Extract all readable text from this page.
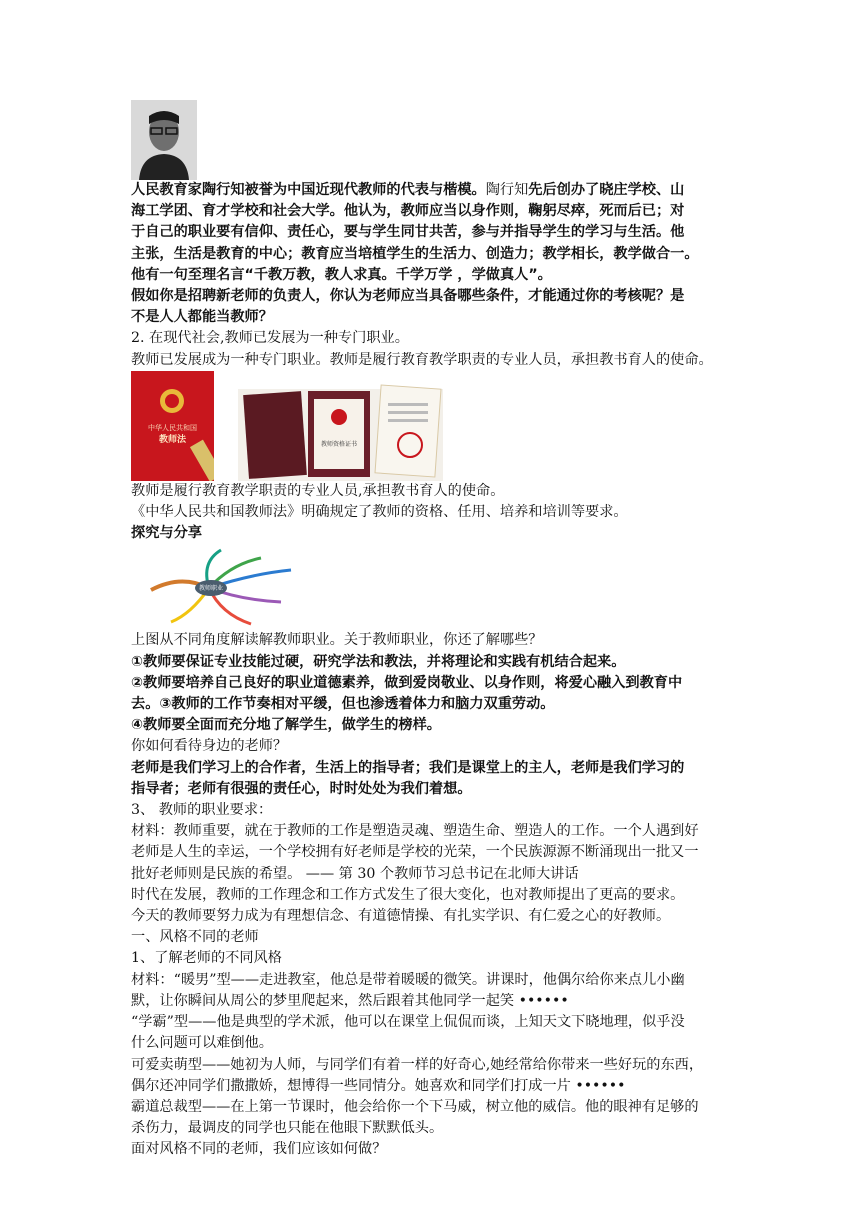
人民教育家陶行知被誉为中国近现代教师的代表与楷模。陶行知先后创办了晓庄学校、山
海工学团、育才学校和社会大学。他认为，教师应当以身作则，鞠躬尽瘁，死而后已；对
于自己的职业要有信仰、责任心，要与学生同甘共苦，参与并指导学生的学习与生活。他
主张，生活是教育的中心；教育应当培植学生的生活力、创造力；教学相长，教学做合一。
他有一句至理名言“千教万教，教人求真。千学万学 ，学做真人”。
假如你是招聘新老师的负责人，你认为老师应当具备哪些条件，才能通过你的考核呢？是
不是人人都能当教师？
2. 在现代社会,教师已发展为一种专门职业。
教师已发展成为一种专门职业。教师是履行教育教学职责的专业人员，承担教书育人的使命。
中华人民共和国
教师法	教师资格证书
教师是履行教育教学职责的专业人员,承担教书育人的使命。
《中华人民共和国教师法》明确规定了教师的资格、任用、培养和培训等要求。
探究与分享
教师职业
上图从不同角度解读解教师职业。关于教师职业，你还了解哪些？
①教师要保证专业技能过硬，研究学法和教法，并将理论和实践有机结合起来。
②教师要培养自己良好的职业道德素养，做到爱岗敬业、以身作则，将爱心融入到教育中
去。③教师的工作节奏相对平缓，但也渗透着体力和脑力双重劳动。
④教师要全面而充分地了解学生，做学生的榜样。
你如何看待身边的老师？
老师是我们学习上的合作者，生活上的指导者；我们是课堂上的主人，老师是我们学习的
指导者；老师有很强的责任心，时时处处为我们着想。
3、 教师的职业要求：
材料：教师重要，就在于教师的工作是塑造灵魂、塑造生命、塑造人的工作。一个人遇到好
老师是人生的幸运，一个学校拥有好老师是学校的光荣，一个民族源源不断涌现出一批又一
批好老师则是民族的希望。 —— 第 30 个教师节习总书记在北师大讲话
时代在发展，教师的工作理念和工作方式发生了很大变化，也对教师提出了更高的要求。
今天的教师要努力成为有理想信念、有道德情操、有扎实学识、有仁爱之心的好教师。
一、风格不同的老师
1、了解老师的不同风格
材料：“暖男”型——走进教室，他总是带着暖暖的微笑。讲课时，他偶尔给你来点儿小幽
默，让你瞬间从周公的梦里爬起来，然后跟着其他同学一起笑 ••••••
“学霸”型——他是典型的学术派，他可以在课堂上侃侃而谈，上知天文下晓地理，似乎没
什么问题可以难倒他。
可爱卖萌型——她初为人师，与同学们有着一样的好奇心,她经常给你带来一些好玩的东西，
偶尔还冲同学们撒撒娇，想博得一些同情分。她喜欢和同学们打成一片 ••••••
霸道总裁型——在上第一节课时，他会给你一个下马威，树立他的威信。他的眼神有足够的
杀伤力，最调皮的同学也只能在他眼下默默低头。
面对风格不同的老师，我们应该如何做？
